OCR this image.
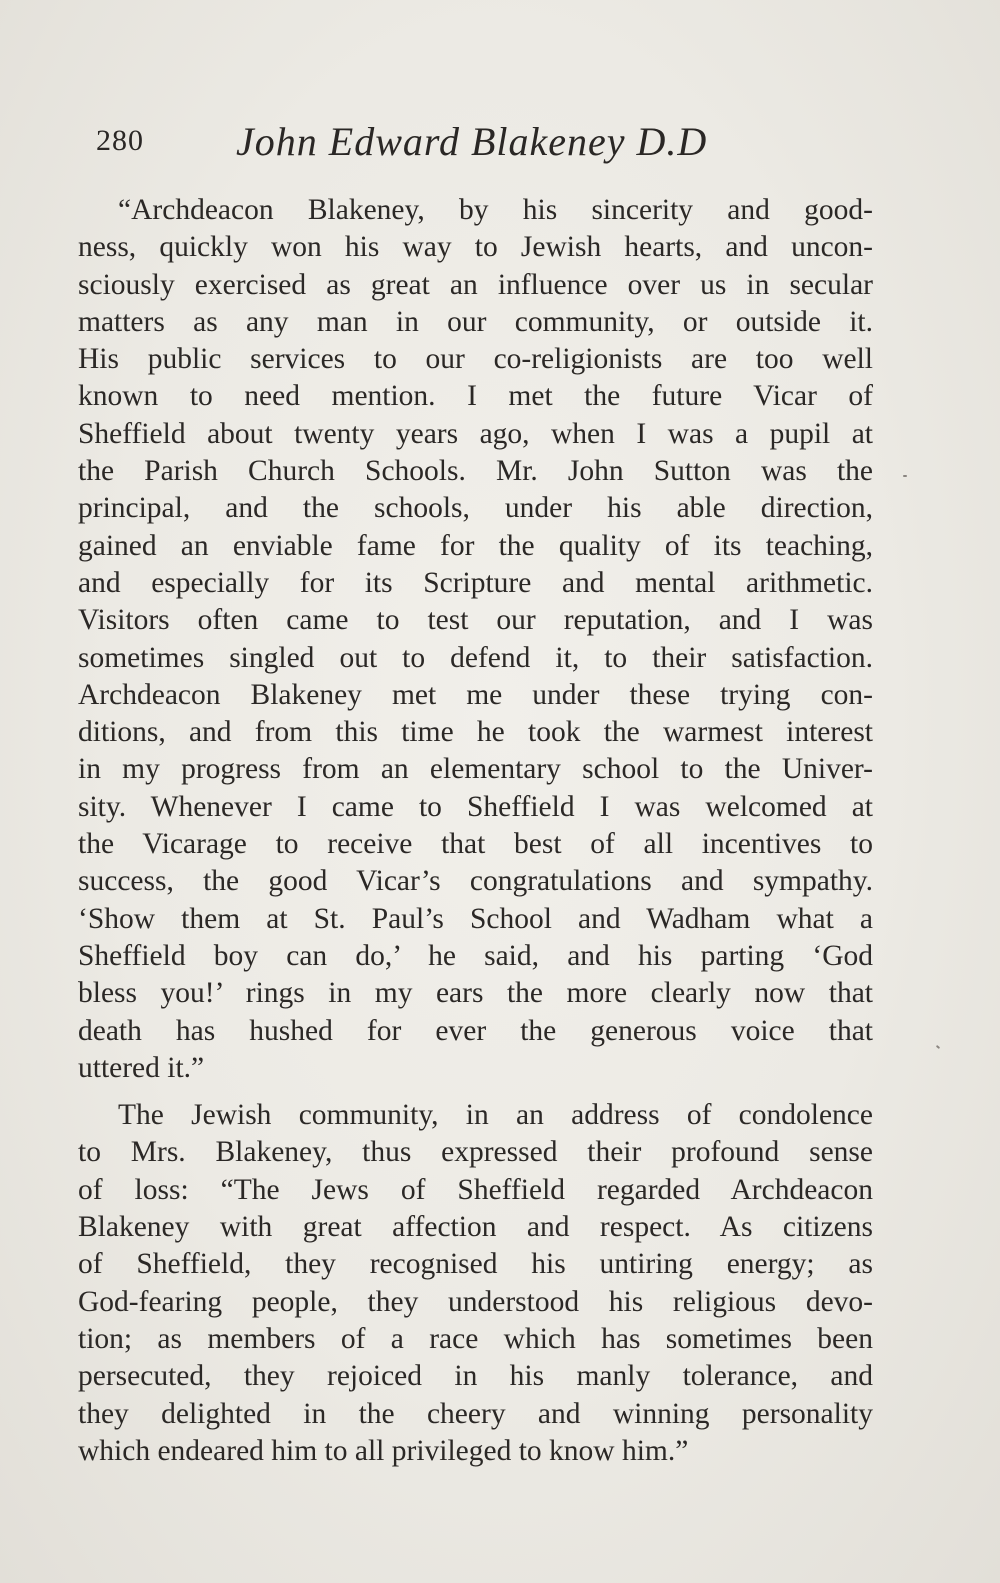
280 John Edward Blakeney D.D

“Archdeacon Blakeney, by his sincerity and good-
ness, quickly won his way to Jewish hearts, and uncon-
sciously exercised as great an influence over us in secular
matters as any man in our community, or outside it.
His public services to our co-religionists are too well
known to need mention. I met the future Vicar of
Sheffield about twenty years ago, when I was a pupil at
the Parish Church Schools. Mr. John Sutton was the
principal, and the schools, under his able direction,
gained an enviable fame for the quality of its teaching,
and especially for its Scripture and mental arithmetic.
Visitors often came to test our reputation, and I was
sometimes singled out to defend it, to their satisfaction.
Archdeacon Blakeney met me under these trying con-
ditions, and from this time he took the warmest interest
in my progress from an elementary school to the Univer-
sity. Whenever I came to Sheffield I was welcomed at
the Vicarage to receive that best of all incentives to
success, the good Vicar’s congratulations and sympathy.
‘Show them at St. Paul’s School and Wadham what a
Sheffield boy can do,’ he said, and his parting ‘God
bless you!’ rings in my ears the more clearly now that
death has hushed for ever the generous voice that
uttered it.”

The Jewish community, in an address of condolence
to Mrs. Blakeney, thus expressed their profound sense
of loss: “The Jews of Sheffield regarded Archdeacon
Blakeney with great affection and respect. As citizens
of Sheffield, they recognised his untiring energy; as
God-fearing people, they understood his religious devo-
tion; as members of a race which has sometimes been
persecuted, they rejoiced in his manly tolerance, and
they delighted in the cheery and winning personality
which endeared him to all privileged to know him.”
